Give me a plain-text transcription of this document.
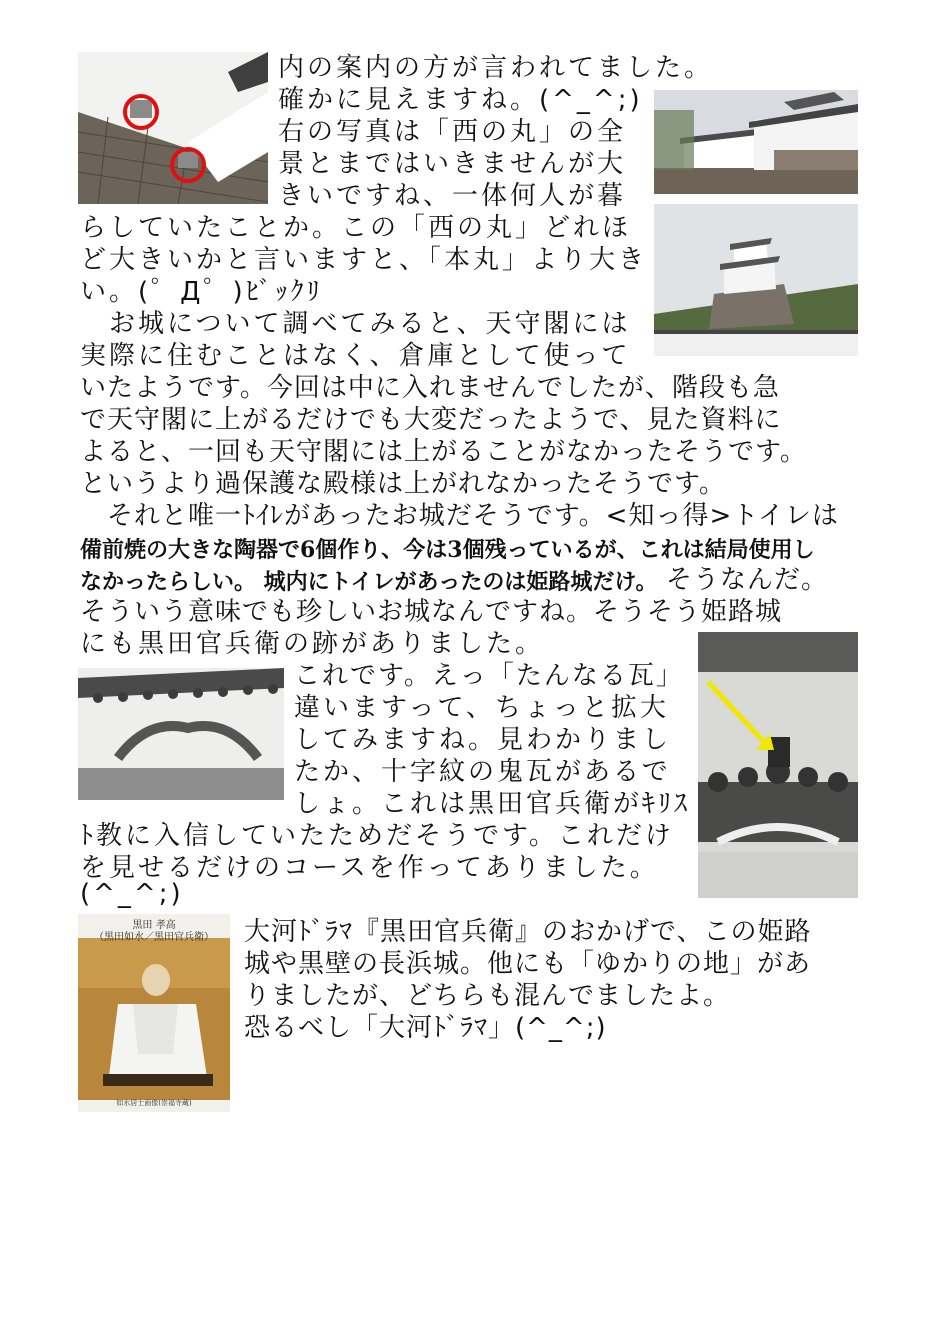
黒田 孝高
（黒田如水／黒田官兵衛）
如水居士画像(崇福寺蔵)
内の案内の方が言われてました。
確かに見えますね。(^_^;)
右の写真は「西の丸」の全
景とまではいきませんが大
きいですね、一体何人が暮
らしていたことか。この「西の丸」どれほ
ど大きいかと言いますと、「本丸」より大き
い。(゜Д゜)ﾋﾞｯｸﾘ
　お城について調べてみると、天守閣には
実際に住むことはなく、倉庫として使って
いたようです。今回は中に入れませんでしたが、階段も急
で天守閣に上がるだけでも大変だったようで、見た資料に
よると、一回も天守閣には上がることがなかったそうです。
というより過保護な殿様は上がれなかったそうです。
　それと唯一ﾄｲﾚがあったお城だそうです。<知っ得>トイレは
備前焼の大きな陶器で6個作り、今は3個残っているが、これは結局使用し
なかったらしい。 城内にトイレがあったのは姫路城だけ。 そうなんだ。
そういう意味でも珍しいお城なんですね。そうそう姫路城
にも黒田官兵衛の跡がありました。
これです。えっ「たんなる瓦」
違いますって、ちょっと拡大
してみますね。見わかりまし
たか、十字紋の鬼瓦があるで
しょ。これは黒田官兵衛がｷﾘｽ
ﾄ教に入信していたためだそうです。これだけ
を見せるだけのコースを作ってありました。
(^_^;)
大河ﾄﾞﾗﾏ『黒田官兵衛』のおかげで、この姫路
城や黒壁の長浜城。他にも「ゆかりの地」があ
りましたが、どちらも混んでましたよ。
恐るべし「大河ﾄﾞﾗﾏ」(^_^;)
